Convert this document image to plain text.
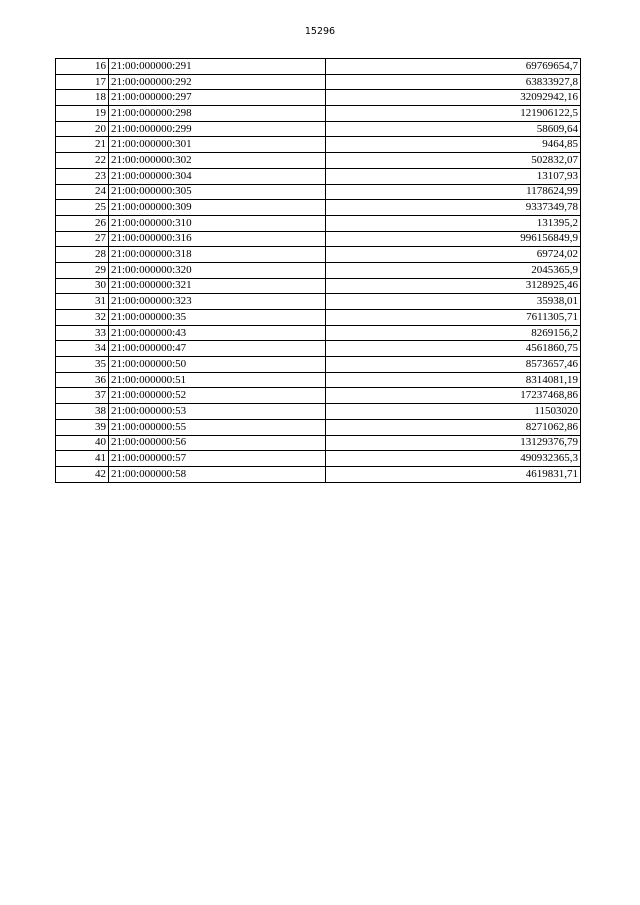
15296
16	21:00:000000:291	69769654,7
17	21:00:000000:292	63833927,8
18	21:00:000000:297	32092942,16
19	21:00:000000:298	121906122,5
20	21:00:000000:299	58609,64
21	21:00:000000:301	9464,85
22	21:00:000000:302	502832,07
23	21:00:000000:304	13107,93
24	21:00:000000:305	1178624,99
25	21:00:000000:309	9337349,78
26	21:00:000000:310	131395,2
27	21:00:000000:316	996156849,9
28	21:00:000000:318	69724,02
29	21:00:000000:320	2045365,9
30	21:00:000000:321	3128925,46
31	21:00:000000:323	35938,01
32	21:00:000000:35	7611305,71
33	21:00:000000:43	8269156,2
34	21:00:000000:47	4561860,75
35	21:00:000000:50	8573657,46
36	21:00:000000:51	8314081,19
37	21:00:000000:52	17237468,86
38	21:00:000000:53	11503020
39	21:00:000000:55	8271062,86
40	21:00:000000:56	13129376,79
41	21:00:000000:57	490932365,3
42	21:00:000000:58	4619831,71
